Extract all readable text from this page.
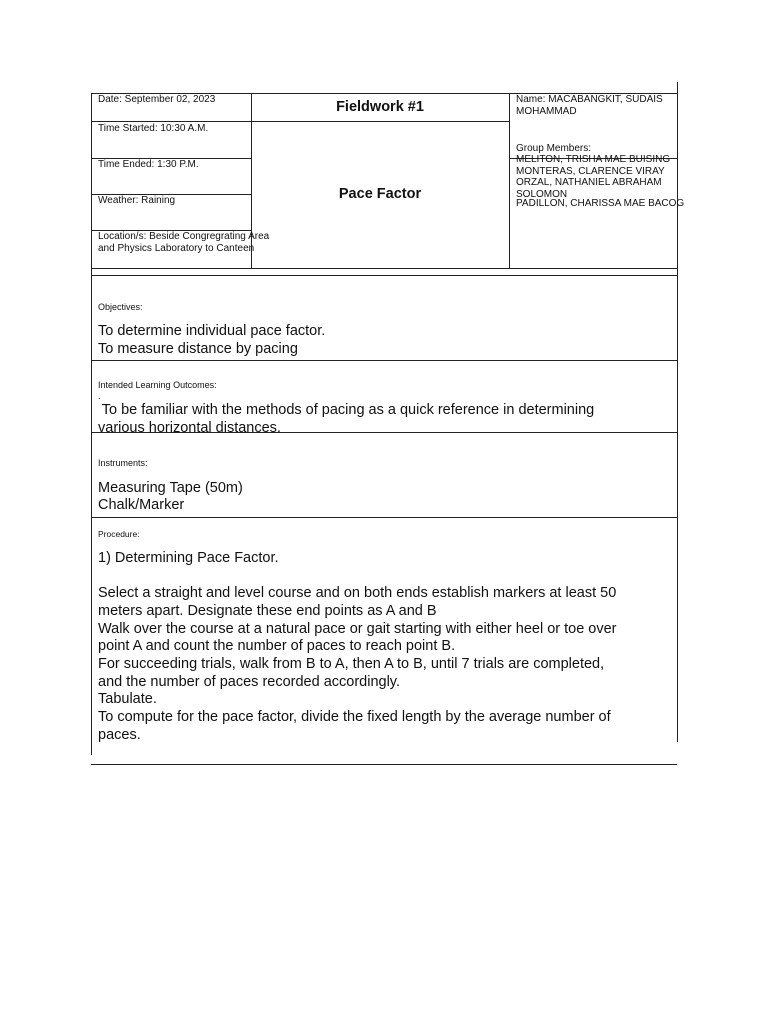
Date: September 02, 2023
Time Started: 10:30 A.M.
Time Ended: 1:30 P.M.
Weather: Raining
Location/s: Beside Congregrating Area
and Physics Laboratory to Canteen
Fieldwork #1
Pace Factor
Name: MACABANGKIT, SUDAIS
MOHAMMAD
Group Members:
MELITON, TRISHA MAE BUISING
MONTERAS, CLARENCE VIRAY
ORZAL, NATHANIEL ABRAHAM
SOLOMON
PADILLON, CHARISSA MAE BACOG
Objectives:
To determine individual pace factor.
To measure distance by pacing
Intended Learning Outcomes:
.
To be familiar with the methods of pacing as a quick reference in determining
various horizontal distances.
Instruments:
Measuring Tape (50m)
Chalk/Marker
Procedure:
1) Determining Pace Factor.
Select a straight and level course and on both ends establish markers at least 50
meters apart. Designate these end points as A and B
Walk over the course at a natural pace or gait starting with either heel or toe over
point A and count the number of paces to reach point B.
For succeeding trials, walk from B to A, then A to B, until 7 trials are completed,
and the number of paces recorded accordingly.
Tabulate.
To compute for the pace factor, divide the fixed length by the average number of
paces.
